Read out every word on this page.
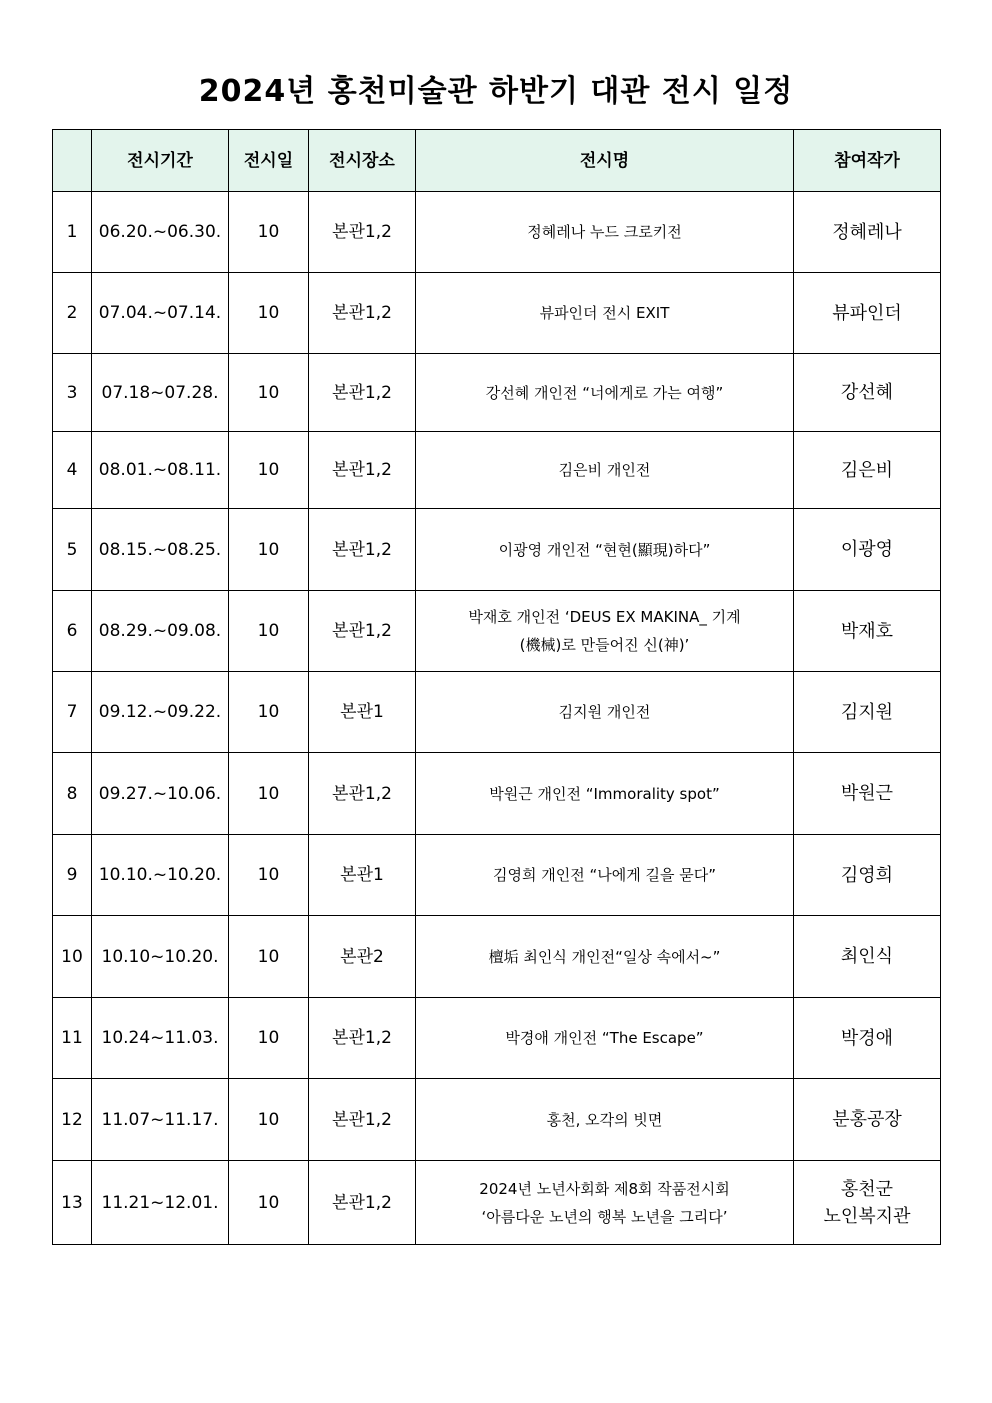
2024년 홍천미술관 하반기 대관 전시 일정
	전시기간	전시일	전시장소	전시명	참여작가
1	06.20.~06.30.	10	본관1,2	정혜레나 누드 크로키전	정혜레나
2	07.04.~07.14.	10	본관1,2	뷰파인더 전시 EXIT	뷰파인더
3	07.18~07.28.	10	본관1,2	강선혜 개인전 “너에게로 가는 여행”	강선혜
4	08.01.~08.11.	10	본관1,2	김은비 개인전	김은비
5	08.15.~08.25.	10	본관1,2	이광영 개인전 “현현(顯現)하다”	이광영
6	08.29.~09.08.	10	본관1,2	박재호 개인전 ‘DEUS EX MAKINA_ 기계
(機械)로 만들어진 신(神)’	박재호
7	09.12.~09.22.	10	본관1	김지원 개인전	김지원
8	09.27.~10.06.	10	본관1,2	박원근 개인전 “Immorality spot”	박원근
9	10.10.~10.20.	10	본관1	김영희 개인전 “나에게 길을 묻다”	김영희
10	10.10~10.20.	10	본관2	檀垢 최인식 개인전“일상 속에서~”	최인식
11	10.24~11.03.	10	본관1,2	박경애 개인전 “The Escape”	박경애
12	11.07~11.17.	10	본관1,2	홍천, 오각의 빗면	분홍공장
13	11.21~12.01.	10	본관1,2	2024년 노년사회화 제8회 작품전시회
‘아름다운 노년의 행복 노년을 그리다’	홍천군
노인복지관
